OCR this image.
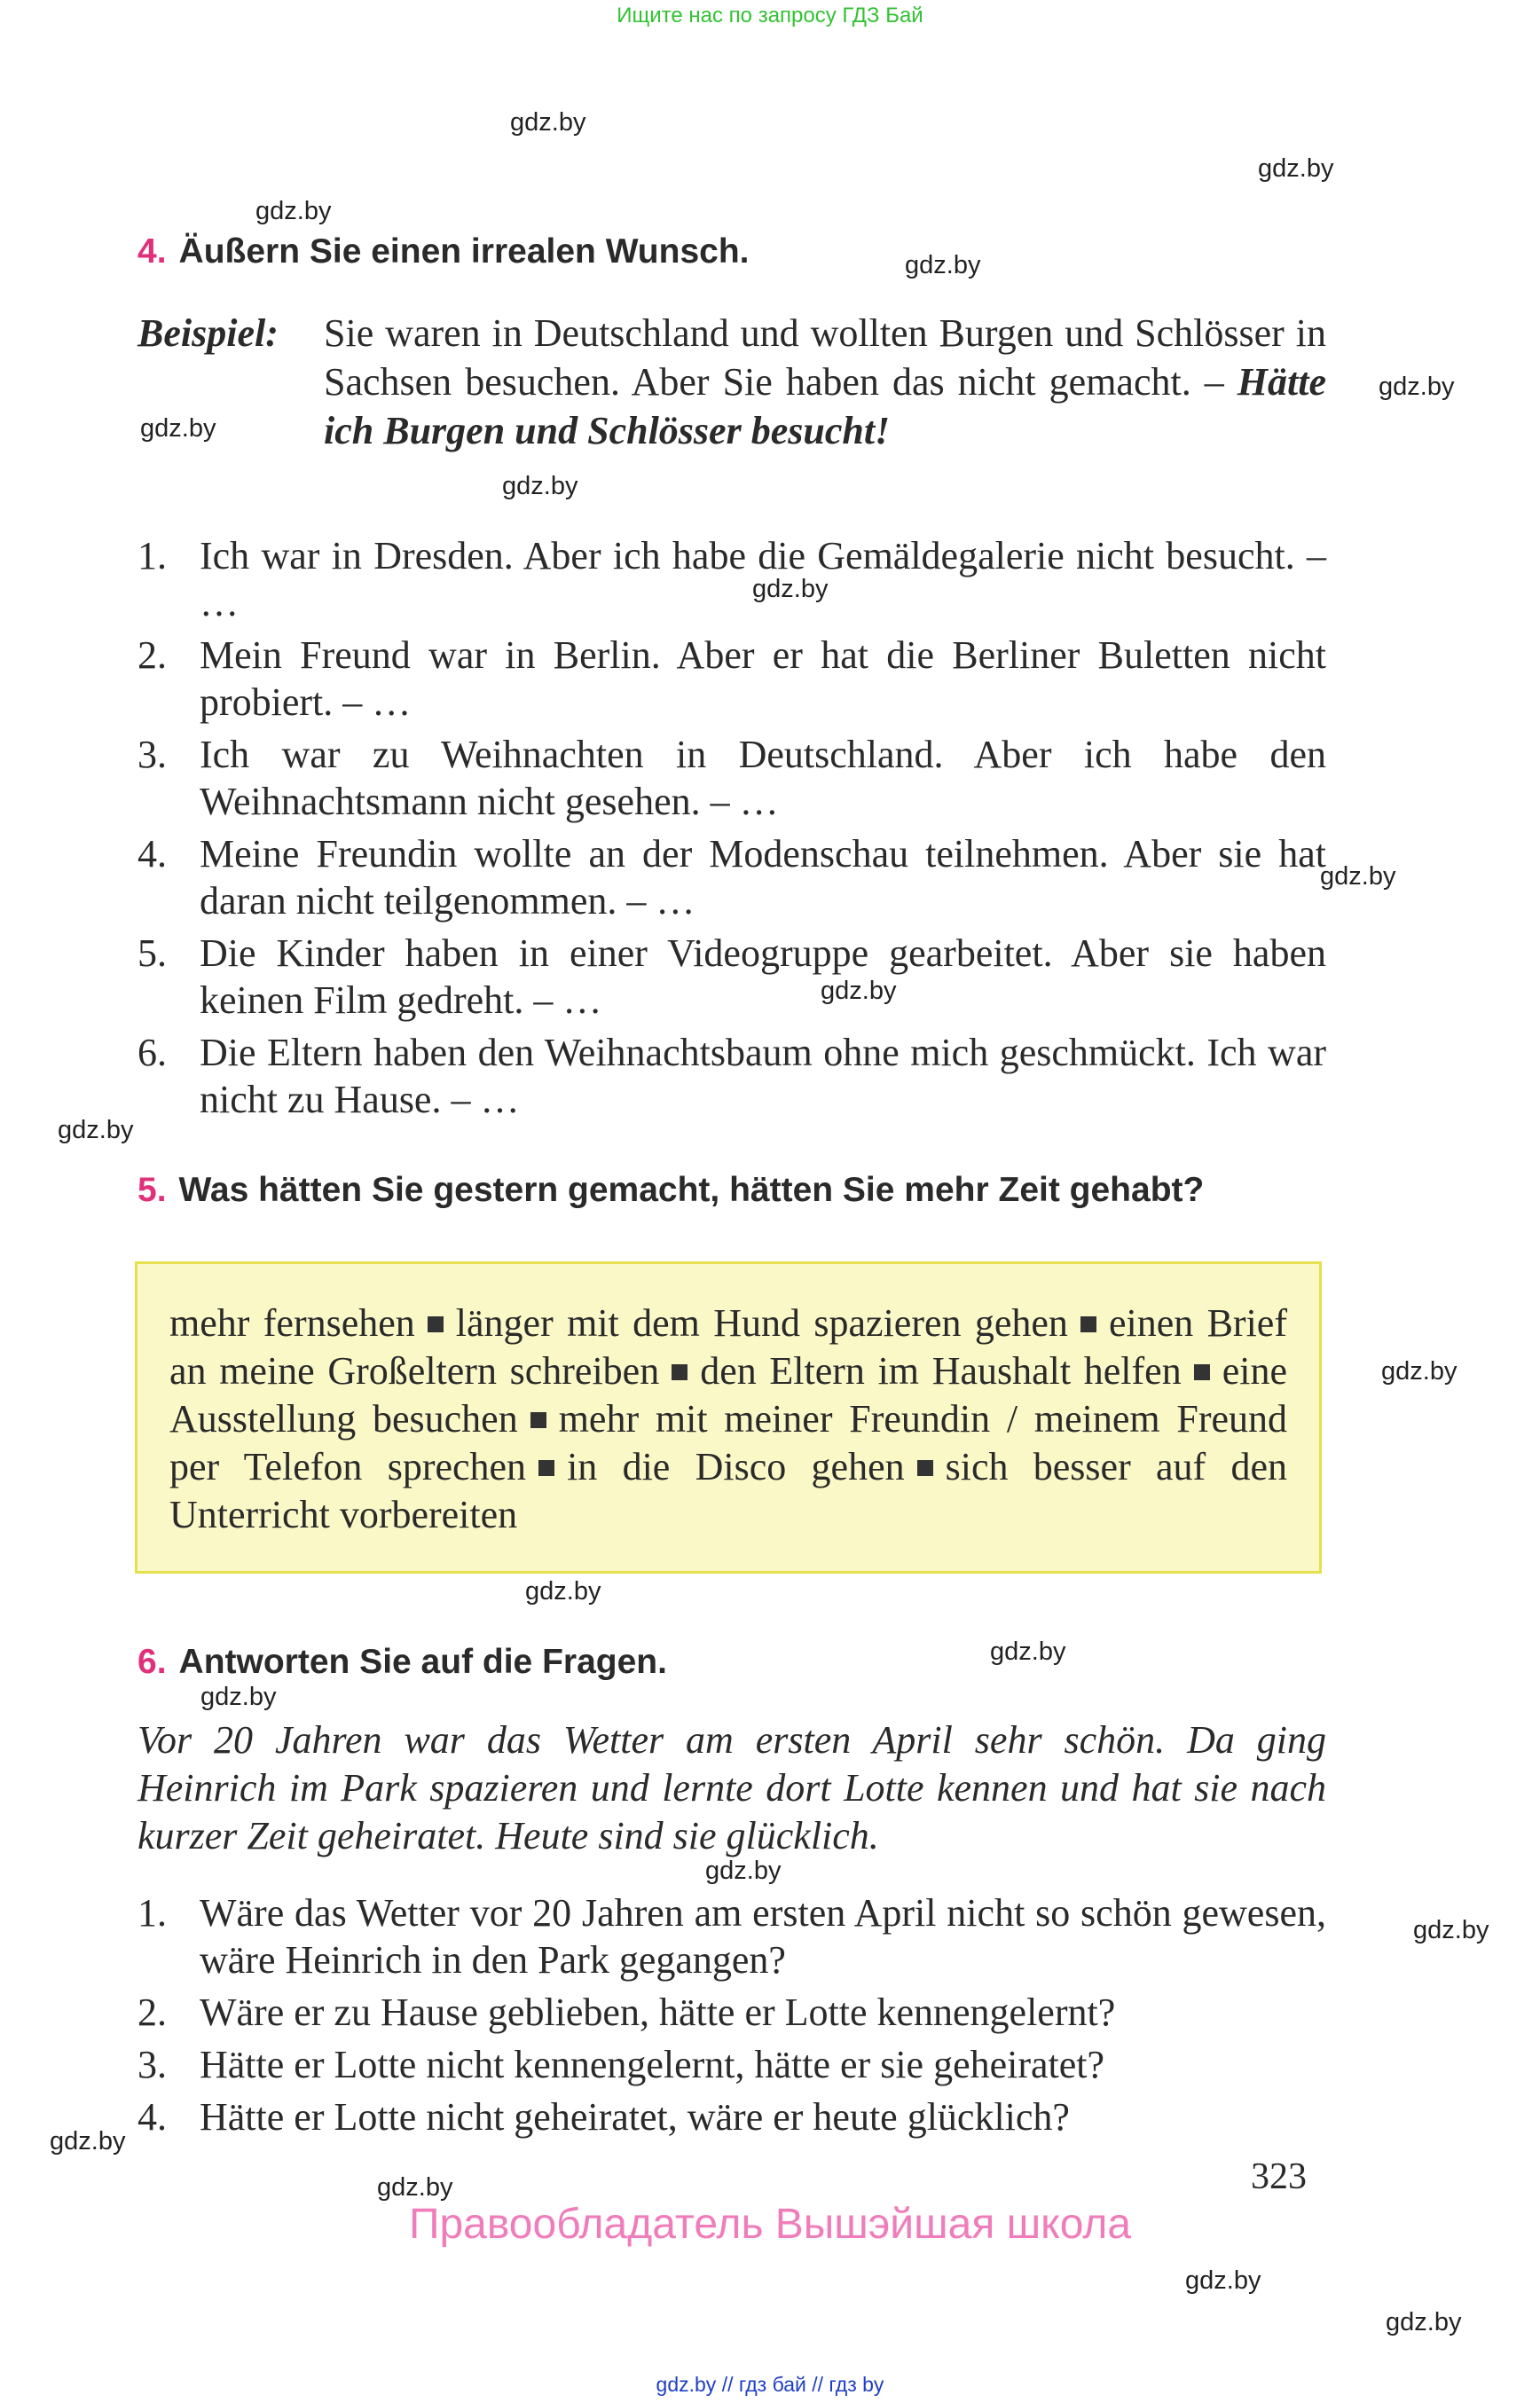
Ищите нас по запросу ГДЗ Бай
gdz.by
gdz.by
gdz.by
gdz.by
gdz.by
gdz.by
gdz.by
gdz.by
gdz.by
gdz.by
gdz.by
gdz.by
gdz.by
gdz.by
gdz.by
gdz.by
gdz.by
gdz.by
gdz.by
gdz.by
gdz.by
4. Äußern Sie einen irrealen Wunsch.
Beispiel:	Sie waren in Deutschland und wollten Burgen und Schlösser in Sachsen besuchen. Aber Sie haben das nicht gemacht. – Hätte ich Burgen und Schlösser besucht!
1. Ich war in Dresden. Aber ich habe die Gemäldegalerie nicht besucht. – …
2. Mein Freund war in Berlin. Aber er hat die Berliner Buletten nicht probiert. – …
3. Ich war zu Weihnachten in Deutschland. Aber ich habe den Weihnachtsmann nicht gesehen. – …
4. Meine Freundin wollte an der Modenschau teilnehmen. Aber sie hat daran nicht teilgenommen. – …
5. Die Kinder haben in einer Videogruppe gearbeitet. Aber sie haben keinen Film gedreht. – …
6. Die Eltern haben den Weihnachtsbaum ohne mich geschmückt. Ich war nicht zu Hause. – …
5. Was hätten Sie gestern gemacht, hätten Sie mehr Zeit gehabt?
mehr fernsehen länger mit dem Hund spazieren gehen einen Brief an meine Großeltern schreiben den Eltern im Haushalt helfen eine Ausstellung besuchen mehr mit meiner Freundin / meinem Freund per Telefon sprechen in die Disco gehen sich besser auf den Unterricht vorbereiten
6. Antworten Sie auf die Fragen.
Vor 20 Jahren war das Wetter am ersten April sehr schön. Da ging Heinrich im Park spazieren und lernte dort Lotte kennen und hat sie nach kurzer Zeit geheiratet. Heute sind sie glücklich.
1. Wäre das Wetter vor 20 Jahren am ersten April nicht so schön gewesen, wäre Heinrich in den Park gegangen?
2. Wäre er zu Hause geblieben, hätte er Lotte kennengelernt?
3. Hätte er Lotte nicht kennengelernt, hätte er sie geheiratet?
4. Hätte er Lotte nicht geheiratet, wäre er heute glücklich?
323
Правообладатель Вышэйшая школа
gdz.by // гдз бай // гдз by
